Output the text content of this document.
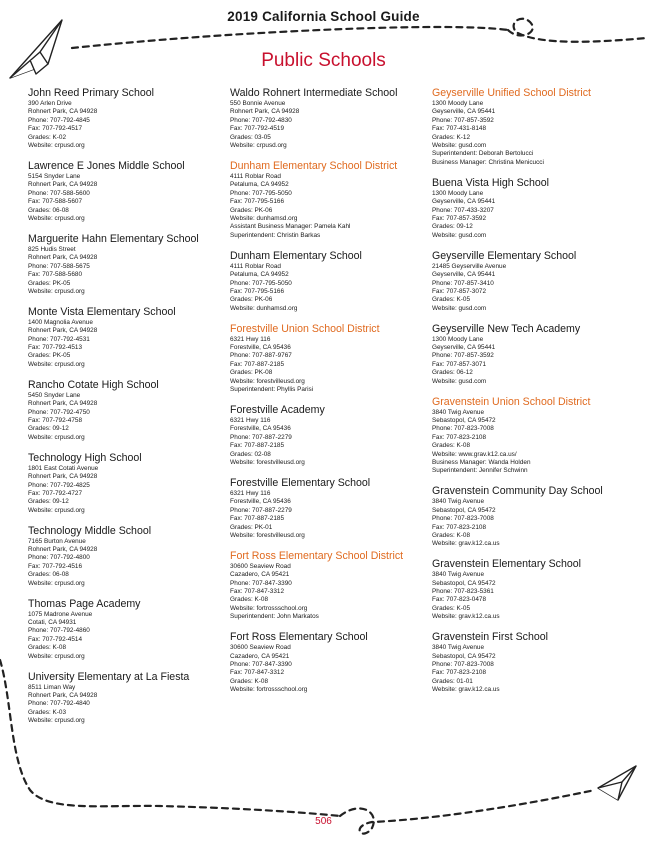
2019 California School Guide
Public Schools
John Reed Primary School
390 Arlen Drive
Rohnert Park, CA 94928
Phone: 707-792-4845
Fax: 707-792-4517
Grades: K-02
Website: crpusd.org
Lawrence E Jones Middle School
5154 Snyder Lane
Rohnert Park, CA 94928
Phone: 707-588-5600
Fax: 707-588-5607
Grades: 06-08
Website: crpusd.org
Marguerite Hahn Elementary School
825 Hudis Street
Rohnert Park, CA 94928
Phone: 707-588-5675
Fax: 707-588-5680
Grades: PK-05
Website: crpusd.org
Monte Vista Elementary School
1400 Magnolia Avenue
Rohnert Park, CA 94928
Phone: 707-792-4531
Fax: 707-792-4513
Grades: PK-05
Website: crpusd.org
Rancho Cotate High School
5450 Snyder Lane
Rohnert Park, CA 94928
Phone: 707-792-4750
Fax: 707-792-4758
Grades: 09-12
Website: crpusd.org
Technology High School
1801 East Cotati Avenue
Rohnert Park, CA 94928
Phone: 707-792-4825
Fax: 707-792-4727
Grades: 09-12
Website: crpusd.org
Technology Middle School
7165 Burton Avenue
Rohnert Park, CA 94928
Phone: 707-792-4800
Fax: 707-792-4516
Grades: 06-08
Website: crpusd.org
Thomas Page Academy
1075 Madrone Avenue
Cotati, CA 94931
Phone: 707-792-4860
Fax: 707-792-4514
Grades: K-08
Website: crpusd.org
University Elementary at La Fiesta
8511 Liman Way
Rohnert Park, CA 94928
Phone: 707-792-4840
Grades: K-03
Website: crpusd.org
Waldo Rohnert Intermediate School
550 Bonnie Avenue
Rohnert Park, CA 94928
Phone: 707-792-4830
Fax: 707-792-4519
Grades: 03-05
Website: crpusd.org
Dunham Elementary School District
4111 Roblar Road
Petaluma, CA 94952
Phone: 707-795-5050
Fax: 707-795-5166
Grades: PK-06
Website: dunhamsd.org
Assistant Business Manager: Pamela Kahl
Superintendent: Christin Barkas
Dunham Elementary School
4111 Roblar Road
Petaluma, CA 94952
Phone: 707-795-5050
Fax: 707-795-5166
Grades: PK-06
Website: dunhamsd.org
Forestville Union School District
6321 Hwy 116
Forestville, CA 95436
Phone: 707-887-9767
Fax: 707-887-2185
Grades: PK-08
Website: forestvilleusd.org
Superintendent: Phyllis Parisi
Forestville Academy
6321 Hwy 116
Forestville, CA 95436
Phone: 707-887-2279
Fax: 707-887-2185
Grades: 02-08
Website: forestvilleusd.org
Forestville Elementary School
6321 Hwy 116
Forestville, CA 95436
Phone: 707-887-2279
Fax: 707-887-2185
Grades: PK-01
Website: forestvilleusd.org
Fort Ross Elementary School District
30600 Seaview Road
Cazadero, CA 95421
Phone: 707-847-3390
Fax: 707-847-3312
Grades: K-08
Website: fortrossschool.org
Superintendent: John Markatos
Fort Ross Elementary School
30600 Seaview Road
Cazadero, CA 95421
Phone: 707-847-3390
Fax: 707-847-3312
Grades: K-08
Website: fortrossschool.org
Geyserville Unified School District
1300 Moody Lane
Geyserville, CA 95441
Phone: 707-857-3592
Fax: 707-431-8148
Grades: K-12
Website: gusd.com
Superintendent: Deborah Bertolucci
Business Manager: Christina Menicucci
Buena Vista High School
1300 Moody Lane
Geyserville, CA 95441
Phone: 707-433-3207
Fax: 707-857-3592
Grades: 09-12
Website: gusd.com
Geyserville Elementary School
21485 Geyserville Avenue
Geyserville, CA 95441
Phone: 707-857-3410
Fax: 707-857-3072
Grades: K-05
Website: gusd.com
Geyserville New Tech Academy
1300 Moody Lane
Geyserville, CA 95441
Phone: 707-857-3592
Fax: 707-857-3071
Grades: 06-12
Website: gusd.com
Gravenstein Union School District
3840 Twig Avenue
Sebastopol, CA 95472
Phone: 707-823-7008
Fax: 707-823-2108
Grades: K-08
Website: www.grav.k12.ca.us/
Business Manager: Wanda Holden
Superintendent: Jennifer Schwinn
Gravenstein Community Day School
3840 Twig Avenue
Sebastopol, CA 95472
Phone: 707-823-7008
Fax: 707-823-2108
Grades: K-08
Website: grav.k12.ca.us
Gravenstein Elementary School
3840 Twig Avenue
Sebastopol, CA 95472
Phone: 707-823-5361
Fax: 707-823-0478
Grades: K-05
Website: grav.k12.ca.us
Gravenstein First School
3840 Twig Avenue
Sebastopol, CA 95472
Phone: 707-823-7008
Fax: 707-823-2108
Grades: 01-01
Website: grav.k12.ca.us
506
